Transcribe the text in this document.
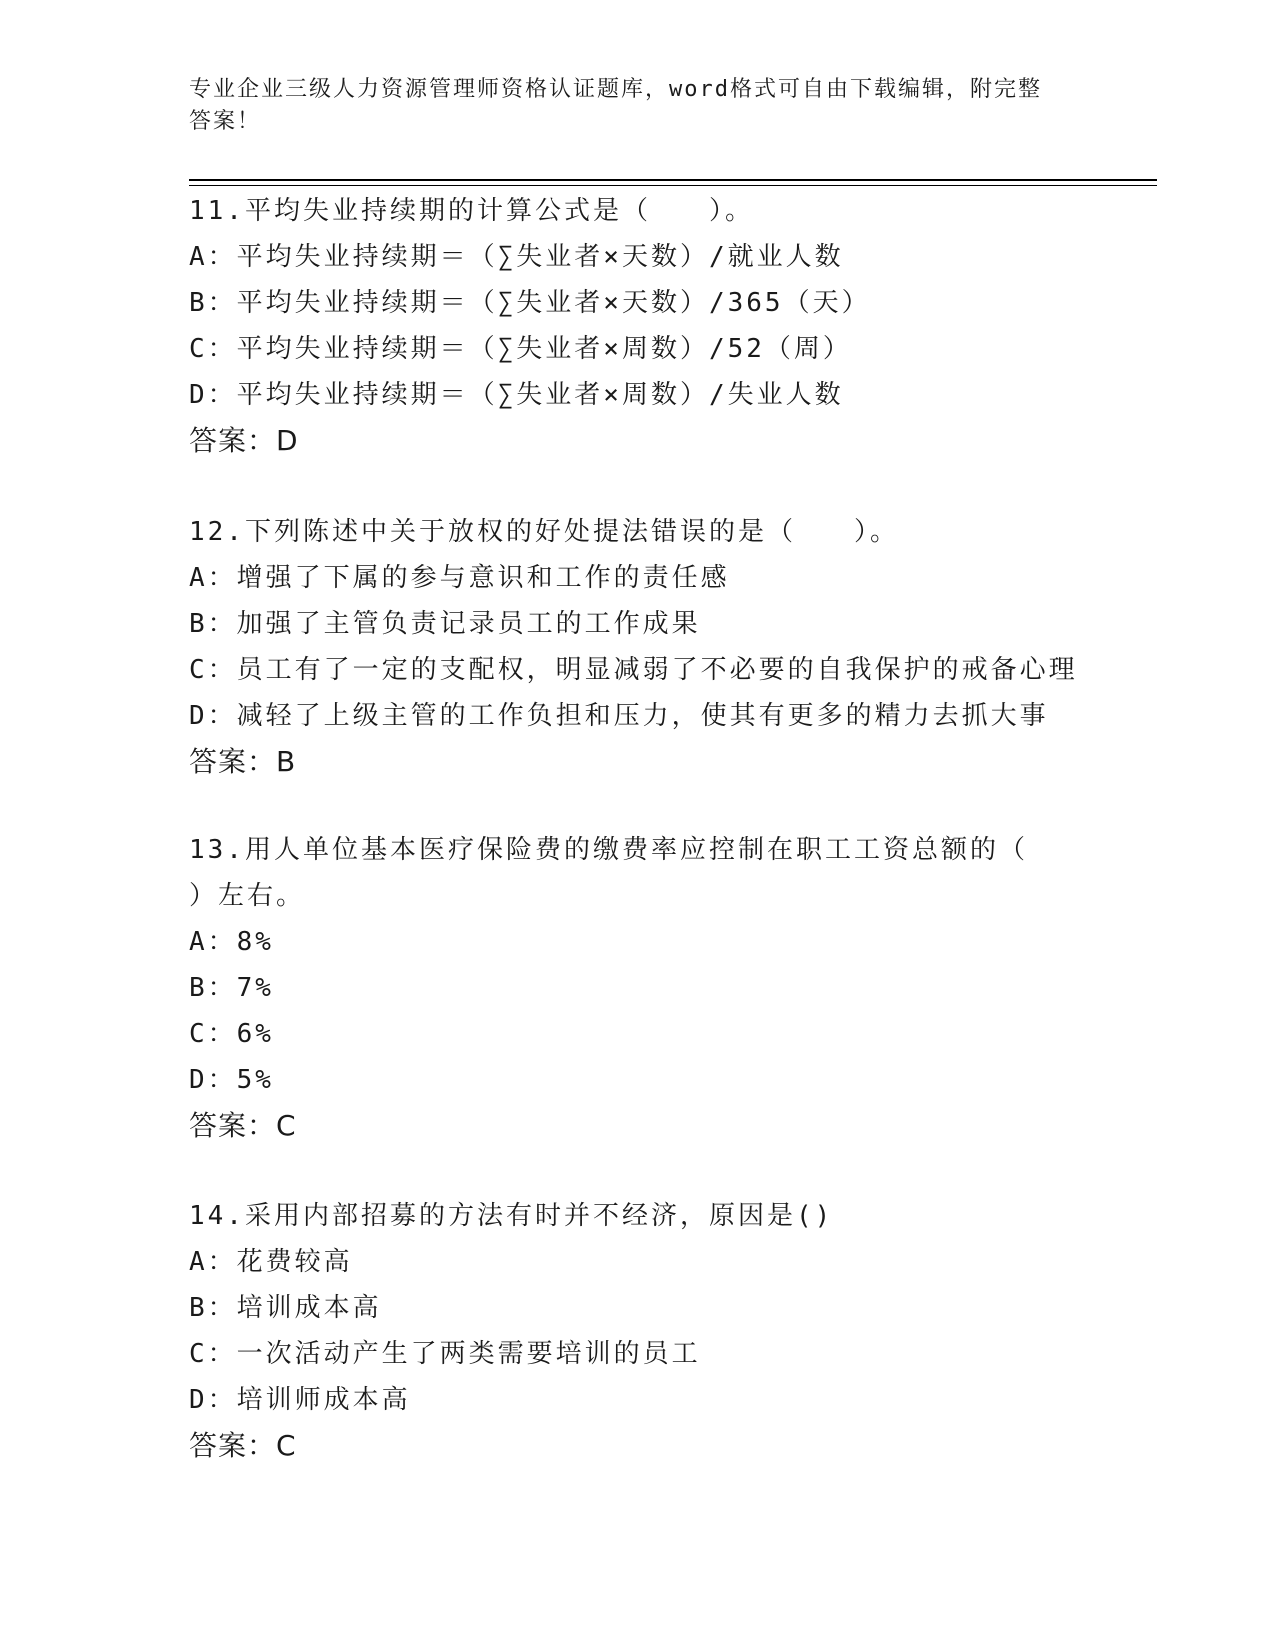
专业企业三级人力资源管理师资格认证题库，word格式可自由下载编辑，附完整
答案！
11.平均失业持续期的计算公式是（　　）。
A：平均失业持续期＝（∑失业者×天数）/就业人数
B：平均失业持续期＝（∑失业者×天数）/365（天）
C：平均失业持续期＝（∑失业者×周数）/52（周）
D：平均失业持续期＝（∑失业者×周数）/失业人数
答案：D
12.下列陈述中关于放权的好处提法错误的是（　　）。
A：增强了下属的参与意识和工作的责任感
B：加强了主管负责记录员工的工作成果
C：员工有了一定的支配权，明显减弱了不必要的自我保护的戒备心理
D：减轻了上级主管的工作负担和压力，使其有更多的精力去抓大事
答案：B
13.用人单位基本医疗保险费的缴费率应控制在职工工资总额的（
）左右。
A：8%
B：7%
C：6%
D：5%
答案：C
14.采用内部招募的方法有时并不经济，原因是()
A：花费较高
B：培训成本高
C：一次活动产生了两类需要培训的员工
D：培训师成本高
答案：C
